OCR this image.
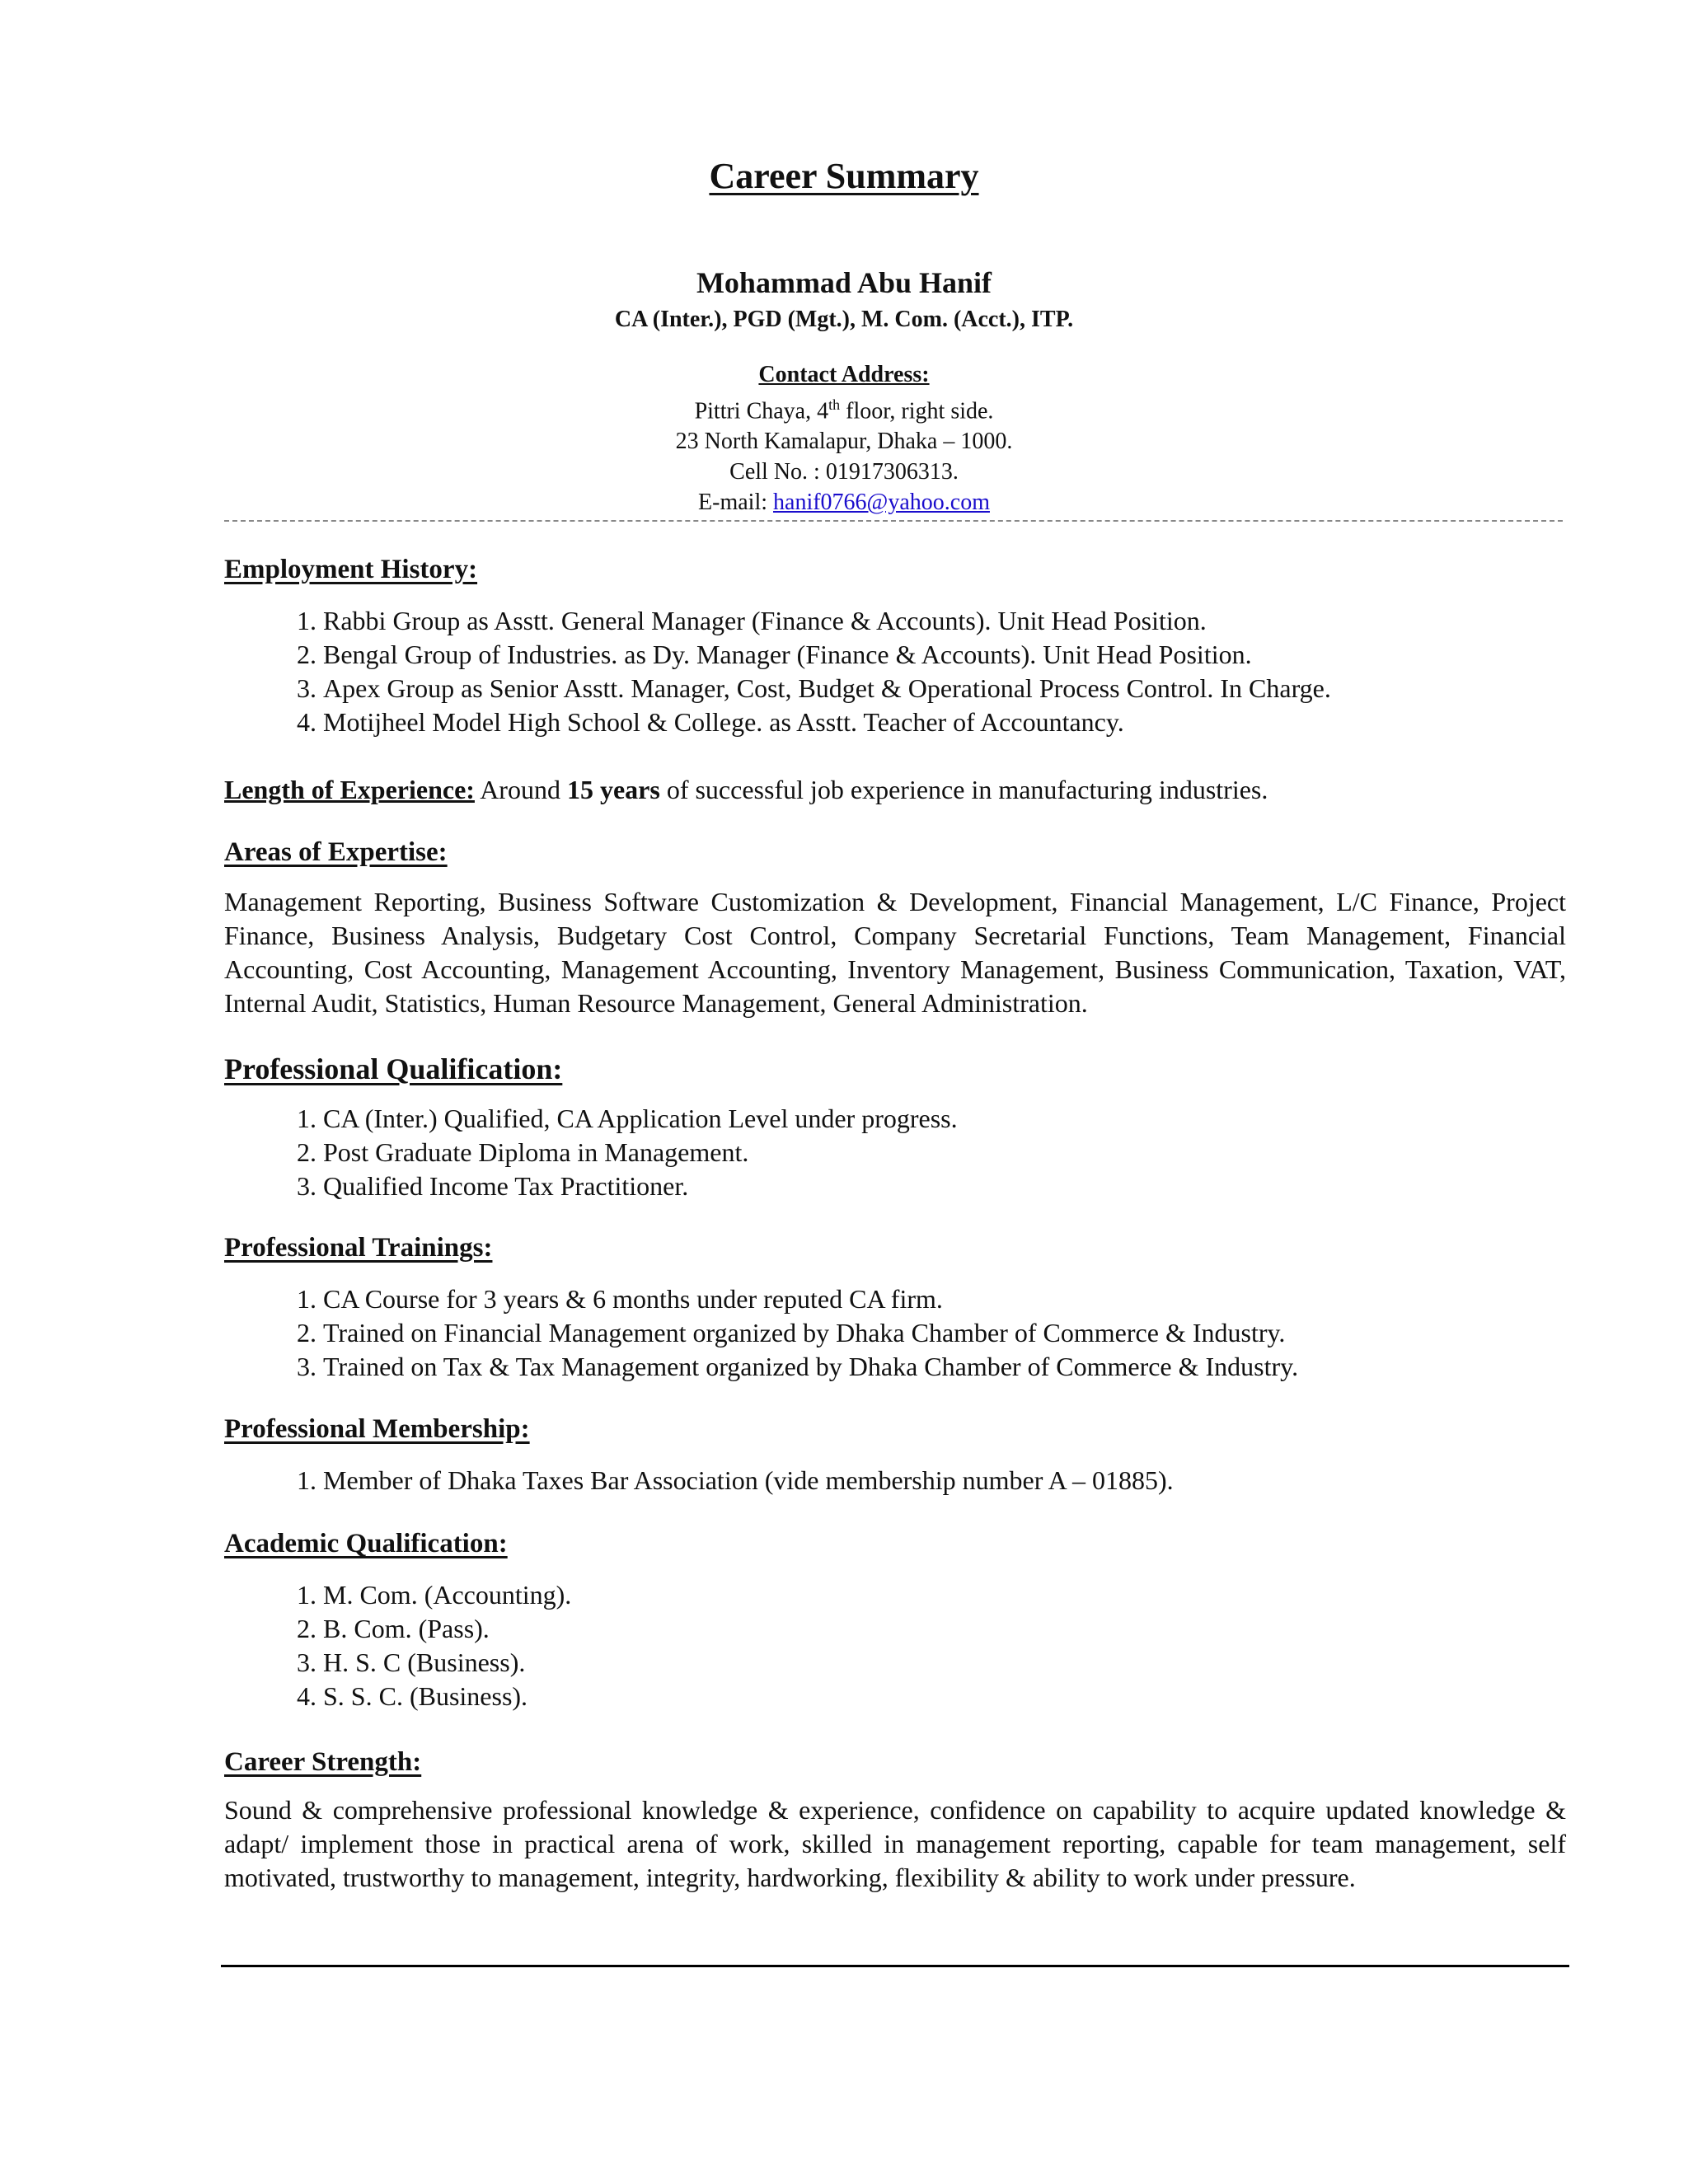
Career Summary
Mohammad Abu Hanif
CA (Inter.), PGD (Mgt.), M. Com. (Acct.), ITP.
Contact Address:
Pittri Chaya, 4th floor, right side.
23 North Kamalapur, Dhaka – 1000.
Cell No. : 01917306313.
E-mail: hanif0766@yahoo.com
Employment History:
1. Rabbi Group as Asstt. General Manager (Finance & Accounts). Unit Head Position.
2. Bengal Group of Industries. as Dy. Manager (Finance & Accounts). Unit Head Position.
3. Apex Group as Senior Asstt. Manager, Cost, Budget & Operational Process Control. In Charge.
4. Motijheel Model High School & College. as Asstt. Teacher of Accountancy.
Length of Experience: Around 15 years of successful job experience in manufacturing industries.
Areas of Expertise:
Management Reporting, Business Software Customization & Development, Financial Management, L/C Finance, Project Finance, Business Analysis, Budgetary Cost Control, Company Secretarial Functions, Team Management, Financial Accounting, Cost Accounting, Management Accounting, Inventory Management, Business Communication, Taxation, VAT, Internal Audit, Statistics, Human Resource Management, General Administration.
Professional Qualification:
1. CA (Inter.) Qualified, CA Application Level under progress.
2. Post Graduate Diploma in Management.
3. Qualified Income Tax Practitioner.
Professional Trainings:
1. CA Course for 3 years & 6 months under reputed CA firm.
2. Trained on Financial Management organized by Dhaka Chamber of Commerce & Industry.
3. Trained on Tax & Tax Management organized by Dhaka Chamber of Commerce & Industry.
Professional Membership:
1. Member of Dhaka Taxes Bar Association (vide membership number A – 01885).
Academic Qualification:
1. M. Com. (Accounting).
2. B. Com. (Pass).
3. H. S. C (Business).
4. S. S. C. (Business).
Career Strength:
Sound & comprehensive professional knowledge & experience, confidence on capability to acquire updated knowledge & adapt/ implement those in practical arena of work, skilled in management reporting, capable for team management, self motivated, trustworthy to management, integrity, hardworking, flexibility & ability to work under pressure.
